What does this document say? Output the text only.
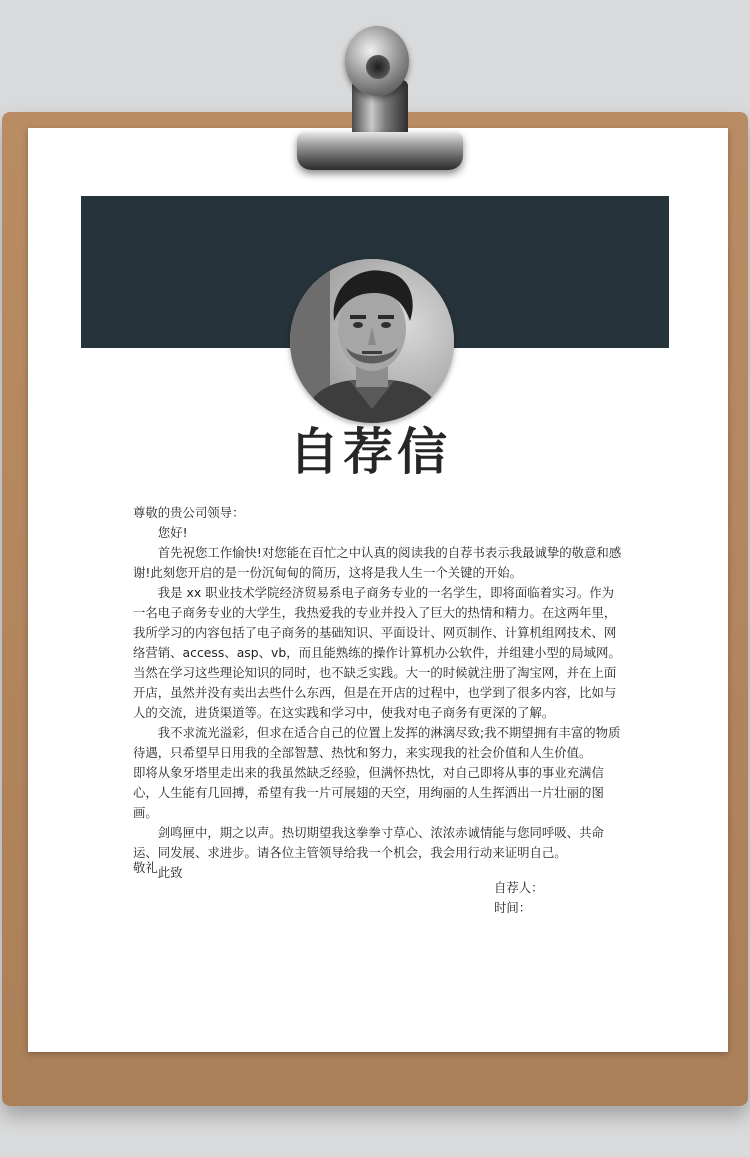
自荐信

尊敬的贵公司领导：

您好!

首先祝您工作愉快!对您能在百忙之中认真的阅读我的自荐书表示我最诚挚的敬意和感谢!此刻您开启的是一份沉甸甸的简历，这将是我人生一个关键的开始。

我是 xx 职业技术学院经济贸易系电子商务专业的一名学生，即将面临着实习。作为一名电子商务专业的大学生，我热爱我的专业并投入了巨大的热情和精力。在这两年里，我所学习的内容包括了电子商务的基础知识、平面设计、网页制作、计算机组网技术、网络营销、access、asp、vb，而且能熟练的操作计算机办公软件，并组建小型的局域网。当然在学习这些理论知识的同时，也不缺乏实践。大一的时候就注册了淘宝网，并在上面开店，虽然并没有卖出去些什么东西，但是在开店的过程中，也学到了很多内容，比如与人的交流，进货渠道等。在这实践和学习中，使我对电子商务有更深的了解。

我不求流光溢彩，但求在适合自己的位置上发挥的淋漓尽致;我不期望拥有丰富的物质待遇，只希望早日用我的全部智慧、热忱和努力，来实现我的社会价值和人生价值。

即将从象牙塔里走出来的我虽然缺乏经验，但满怀热忱，对自己即将从事的事业充满信心，人生能有几回搏，希望有我一片可展翅的天空，用绚丽的人生挥洒出一片壮丽的图画。

剑鸣匣中，期之以声。热切期望我这拳拳寸草心、浓浓赤诚情能与您同呼吸、共命运、同发展、求进步。请各位主管领导给我一个机会，我会用行动来证明自己。

此致

敬礼
自荐人：
时间：
